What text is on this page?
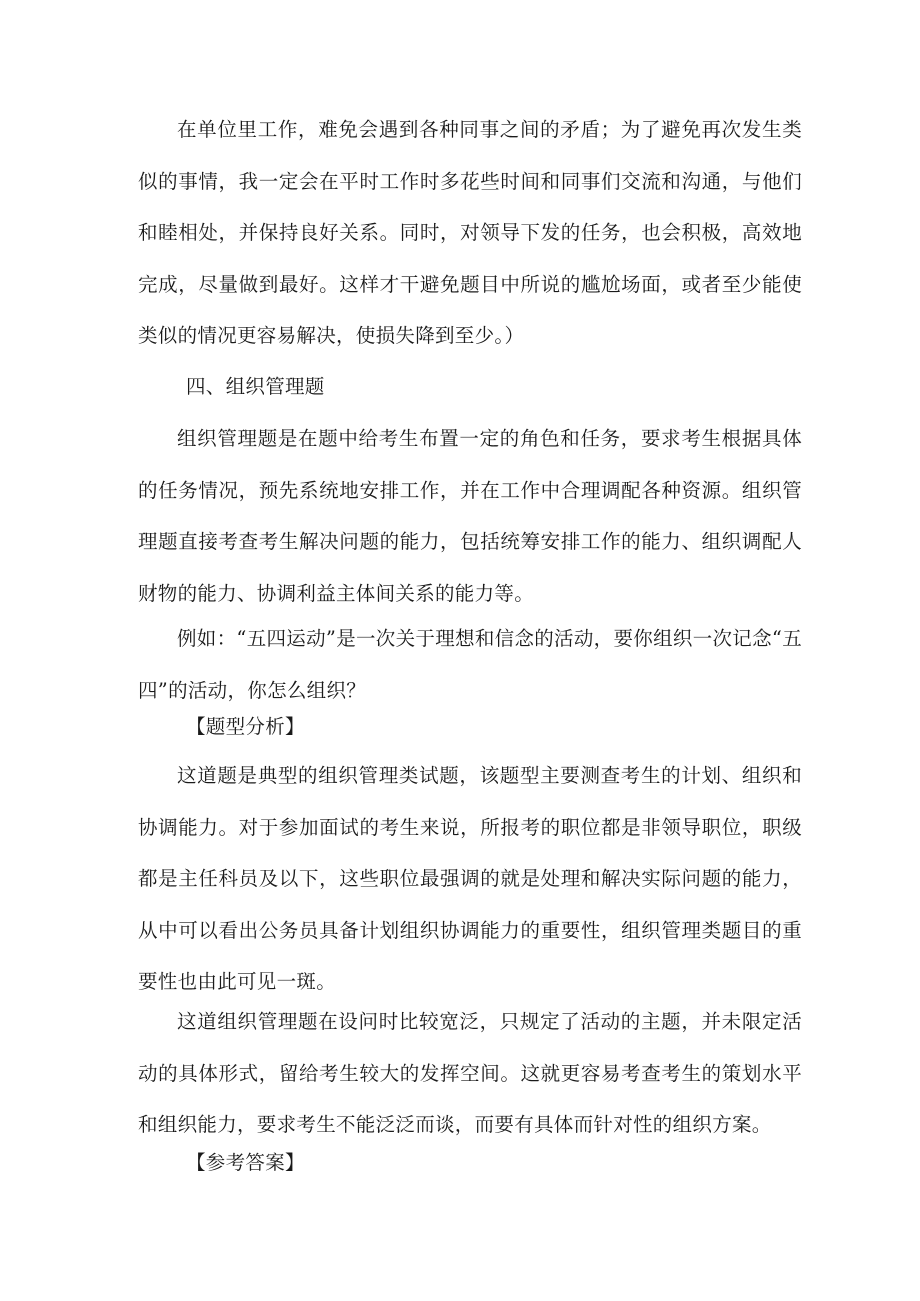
在单位里工作，难免会遇到各种同事之间的矛盾；为了避免再次发生类似的事情，我一定会在平时工作时多花些时间和同事们交流和沟通，与他们和睦相处，并保持良好关系。同时，对领导下发的任务，也会积极，高效地完成，尽量做到最好。这样才干避免题目中所说的尴尬场面，或者至少能使类似的情况更容易解决，使损失降到至少。）

四、组织管理题

组织管理题是在题中给考生布置一定的角色和任务，要求考生根据具体的任务情况，预先系统地安排工作，并在工作中合理调配各种资源。组织管理题直接考查考生解决问题的能力，包括统筹安排工作的能力、组织调配人财物的能力、协调利益主体间关系的能力等。

例如：“五四运动”是一次关于理想和信念的活动，要你组织一次记念“五四”的活动，你怎么组织？

【题型分析】

这道题是典型的组织管理类试题，该题型主要测查考生的计划、组织和协调能力。对于参加面试的考生来说，所报考的职位都是非领导职位，职级都是主任科员及以下，这些职位最强调的就是处理和解决实际问题的能力，从中可以看出公务员具备计划组织协调能力的重要性，组织管理类题目的重要性也由此可见一斑。

这道组织管理题在设问时比较宽泛，只规定了活动的主题，并未限定活动的具体形式，留给考生较大的发挥空间。这就更容易考查考生的策划水平和组织能力，要求考生不能泛泛而谈，而要有具体而针对性的组织方案。

【参考答案】
